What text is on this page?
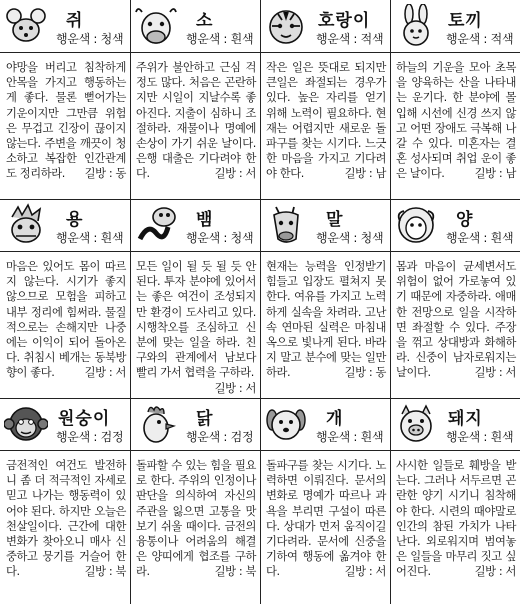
쥐
행운색 : 청색
야망을 버리고 침착하게 안목을 가지고 행동하는 게 좋다. 물론 뻗어가는 기운이지만 그만큼 위험은 무겁고 긴장이 끊이지 않는다. 주변을 깨끗이 청소하고 복잡한 인간관계도 정리하라. 길방 : 동
소
행운색 : 흰색
주위가 불안하고 근심 걱정도 많다. 처음은 곤란하지만 시일이 지날수록 좋아진다. 지출이 심하니 조절하라. 재물이나 명예에 손상이 가기 쉬운 날이다. 은행 대출은 기다려야 한다.	길방 : 서
호랑이
행운색 : 적색
작은 일은 뜻대로 되지만 큰일은 좌절되는 경우가 있다. 높은 자리를 얻기 위해 노력이 필요하다. 현재는 어렵지만 새로운 돌파구를 찾는 시기다. 느긋한 마음을 가지고 기다려야 한다.	길방 : 남
토끼
행운색 : 적색
하늘의 기운을 모아 초목을 양육하는 산을 나타내는 운기다. 한 분야에 몰입해 시선에 신경 쓰지 않고 어떤 장애도 극복해 나갈 수 있다. 미혼자는 결혼 성사되며 취업 운이 좋은 날이다.	길방 : 남
용
행운색 : 흰색
마음은 있어도 몸이 따르지 않는다. 시기가 좋지 않으므로 모험을 피하고 내부 정리에 힘써라. 물질적으로는 손해지만 나중에는 이익이 되어 돌아온다. 취침시 베개는 동북방향이 좋다.	길방 : 서
뱀
행운색 : 청색
모든 일이 될 듯 될 듯 안 된다. 투자 분야에 있어서는 좋은 여건이 조성되지만 환경이 도사리고 있다. 시행착오를 조심하고 신분에 맞는 일을 하라. 친구와의 관계에서 남보다 빨리 가서 협력을 구하라.
길방 : 서
말
행운색 : 청색
현재는 능력을 인정받기 힘들고 입장도 펼쳐지 못한다. 여유를 가지고 노력하게 실속을 차려라. 고난 속 연마된 실력은 마침내 옥으로 빛나게 된다. 바라지 말고 분수에 맞는 일만 하라.	길방 : 동
양
행운색 : 흰색
몸과 마음이 균세변서도 위험이 없어 가로놓여 있기 때문에 자중하라. 애매한 전망으로 일을 시작하면 좌절할 수 있다. 주장을 꺾고 상대방과 화해하라. 신중이 남자로워지는 날이다.	길방 : 서
원숭이
행운색 : 검정
금전적인 여건도 발전하니 좀 더 적극적인 자세로 믿고 나가는 행동력이 있어야 된다. 하지만 오늘은 천살일이다. 근간에 대한 변화가 찾아오니 매사 신중하고 뭉기를 거슬어 한다.	길방 : 북
닭
행운색 : 검정
돌파할 수 있는 힘을 필요로 한다. 주위의 인정이나 판단을 의식하여 자신의 주관을 잃으면 고통을 맛보기 쉬울 때이다. 금전의 융통이나 어려움의 해결은 양띠에게 협조를 구하라.	길방 : 북
개
행운색 : 흰색
돌파구를 찾는 시기다. 노력하면 이뤄진다. 문서의 변화로 명예가 따르나 과욕을 부리면 구설이 따른다. 상대가 먼저 움직이길 기다려라. 문서에 신중을 기하여 행동에 옮겨야 한다.	길방 : 서
돼지
행운색 : 흰색
사시한 일들로 훼방을 받는다. 그러나 서두르면 곤란한 양기 시기니 침착해야 한다. 시련의 때야말로 인간의 참된 가치가 나타난다. 외로워지며 범여놓은 일들을 마무리 짓고 싶어진다.	길방 : 서
